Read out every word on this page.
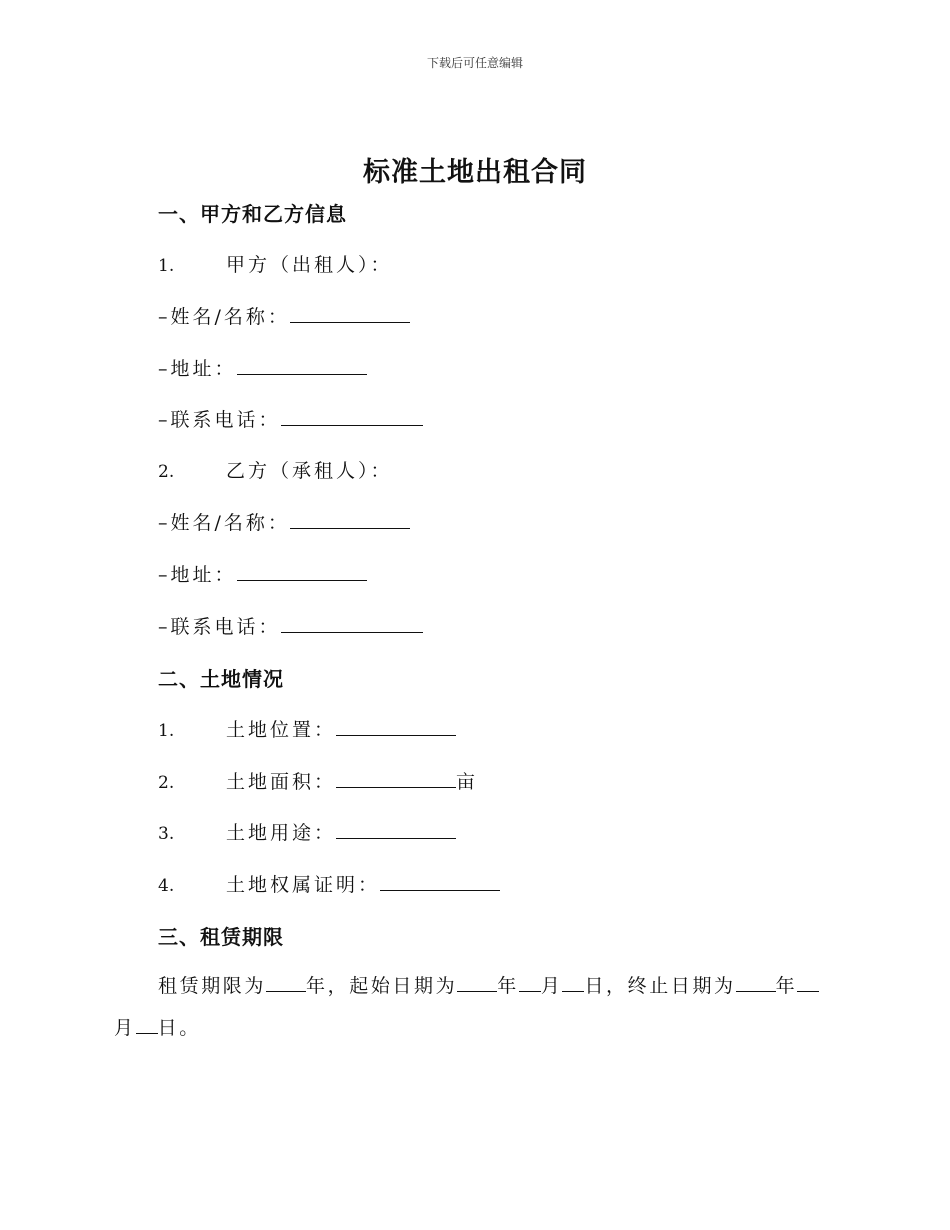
下载后可任意编辑
标准土地出租合同
一、甲方和乙方信息
1.	甲方（出租人）：
–姓名/名称：
–地址：
–联系电话：
2.	乙方（承租人）：
–姓名/名称：
–地址：
–联系电话：
二、土地情况
1.	土地位置：
2.	土地面积：	亩
3.	土地用途：
4.	土地权属证明：
三、租赁期限
租赁期限为 年，起始日期为 年 月 日，终止日期为 年月 日。
